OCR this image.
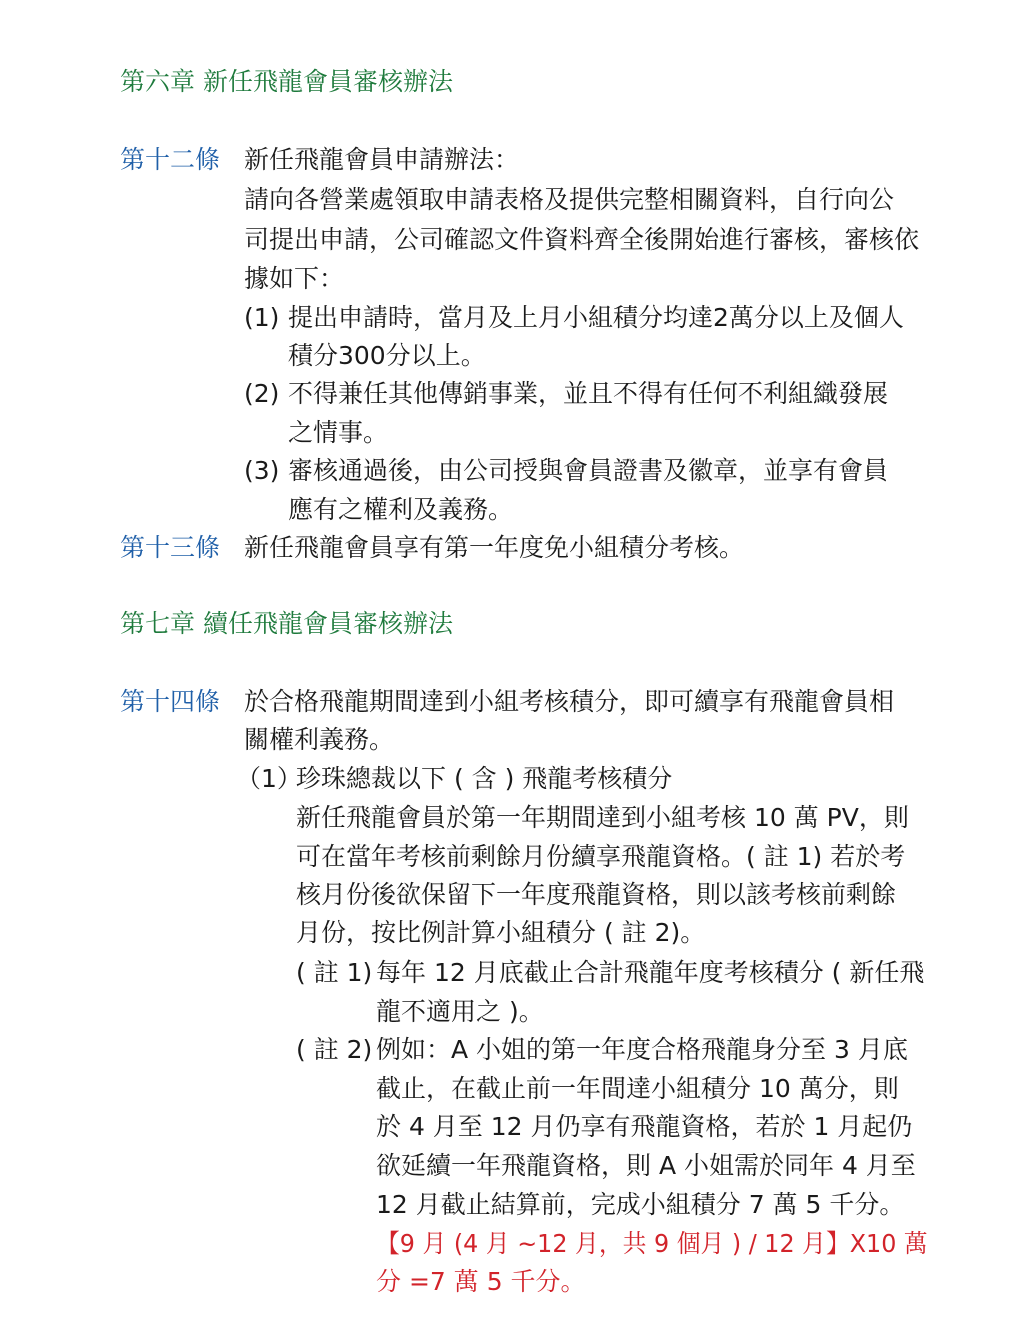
第六章 新任飛龍會員審核辦法
第十二條 新任飛龍會員申請辦法：
請向各營業處領取申請表格及提供完整相關資料，自行向公
司提出申請，公司確認文件資料齊全後開始進行審核，審核依
據如下：
(1) 提出申請時，當月及上月小組積分均達2萬分以上及個人
積分300分以上。
(2) 不得兼任其他傳銷事業，並且不得有任何不利組織發展
之情事。
(3) 審核通過後，由公司授與會員證書及徽章，並享有會員
應有之權利及義務。
第十三條 新任飛龍會員享有第一年度免小組積分考核。
第七章 續任飛龍會員審核辦法
第十四條 於合格飛龍期間達到小組考核積分，即可續享有飛龍會員相
關權利義務。
（1）
珍珠總裁以下 ( 含 ) 飛龍考核積分
新任飛龍會員於第一年期間達到小組考核 10 萬 PV，則
可在當年考核前剩餘月份續享飛龍資格。( 註 1) 若於考
核月份後欲保留下一年度飛龍資格，則以該考核前剩餘
月份，按比例計算小組積分 ( 註 2)。
( 註 1) 每年 12 月底截止合計飛龍年度考核積分 ( 新任飛
龍不適用之 )。
( 註 2) 例如：A 小姐的第一年度合格飛龍身分至 3 月底
截止，在截止前一年間達小組積分 10 萬分，則
於 4 月至 12 月仍享有飛龍資格，若於 1 月起仍
欲延續一年飛龍資格，則 A 小姐需於同年 4 月至
12 月截止結算前，完成小組積分 7 萬 5 千分。
【9 月 (4 月 ~12 月，共 9 個月 ) / 12 月】X10 萬
分 =7 萬 5 千分。
